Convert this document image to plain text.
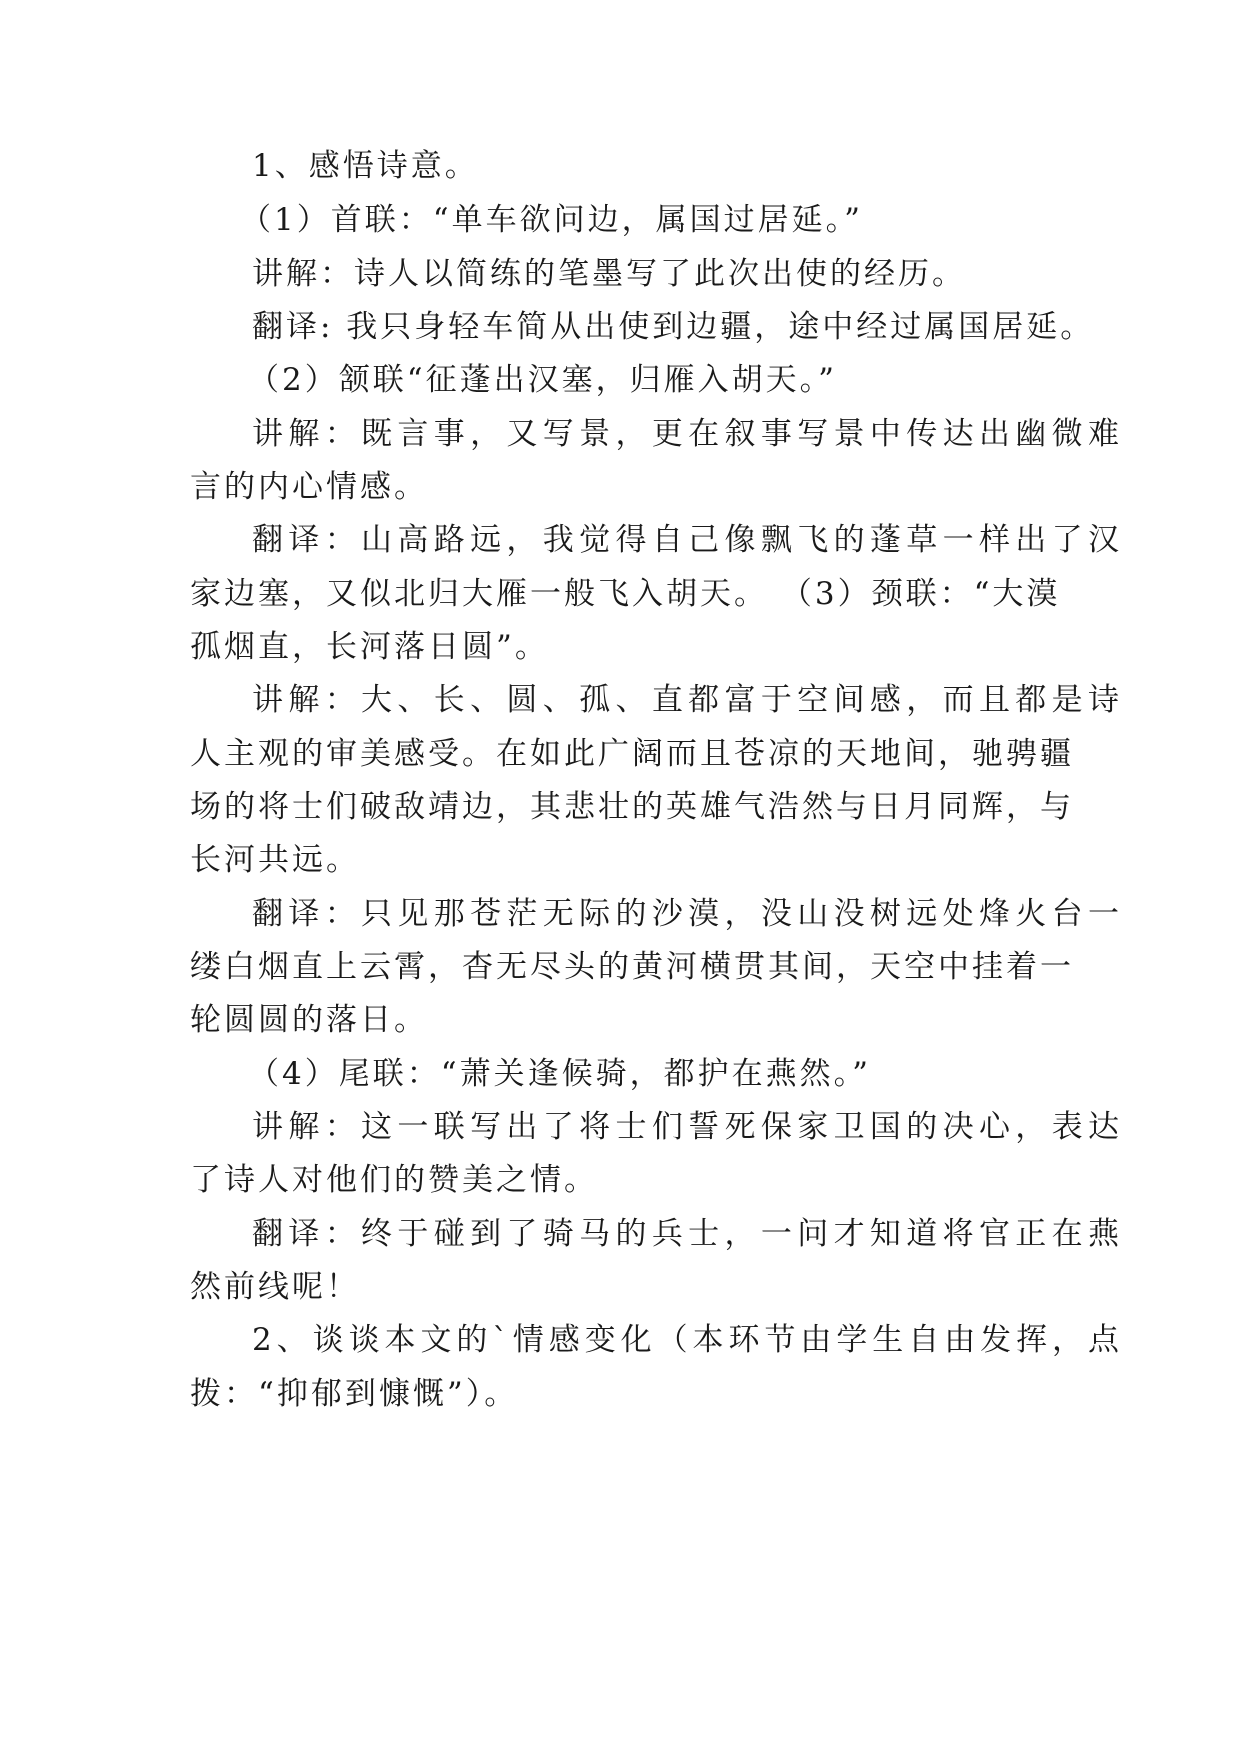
1、感悟诗意。

（1）首联：“单车欲问边，属国过居延。”

讲解：诗人以简练的笔墨写了此次出使的经历。

翻译: 我只身轻车简从出使到边疆，途中经过属国居延。

（2）颔联“征蓬出汉塞，归雁入胡天。”

讲解：既言事，又写景，更在叙事写景中传达出幽微难

言的内心情感。

翻译：山高路远，我觉得自己像飘飞的蓬草一样出了汉

家边塞，又似北归大雁一般飞入胡天。 （3）颈联：“大漠

孤烟直，长河落日圆”。

讲解：大、长、圆、孤、直都富于空间感，而且都是诗

人主观的审美感受。在如此广阔而且苍凉的天地间，驰骋疆

场的将士们破敌靖边，其悲壮的英雄气浩然与日月同辉，与

长河共远。

翻译：只见那苍茫无际的沙漠，没山没树远处烽火台一

缕白烟直上云霄，杳无尽头的黄河横贯其间，天空中挂着一

轮圆圆的落日。

（4）尾联：“萧关逢候骑，都护在燕然。”

讲解：这一联写出了将士们誓死保家卫国的决心，表达

了诗人对他们的赞美之情。

翻译：终于碰到了骑马的兵士，一问才知道将官正在燕

然前线呢！

2、谈谈本文的`情感变化（本环节由学生自由发挥，点

拨：“抑郁到慷慨”）。
